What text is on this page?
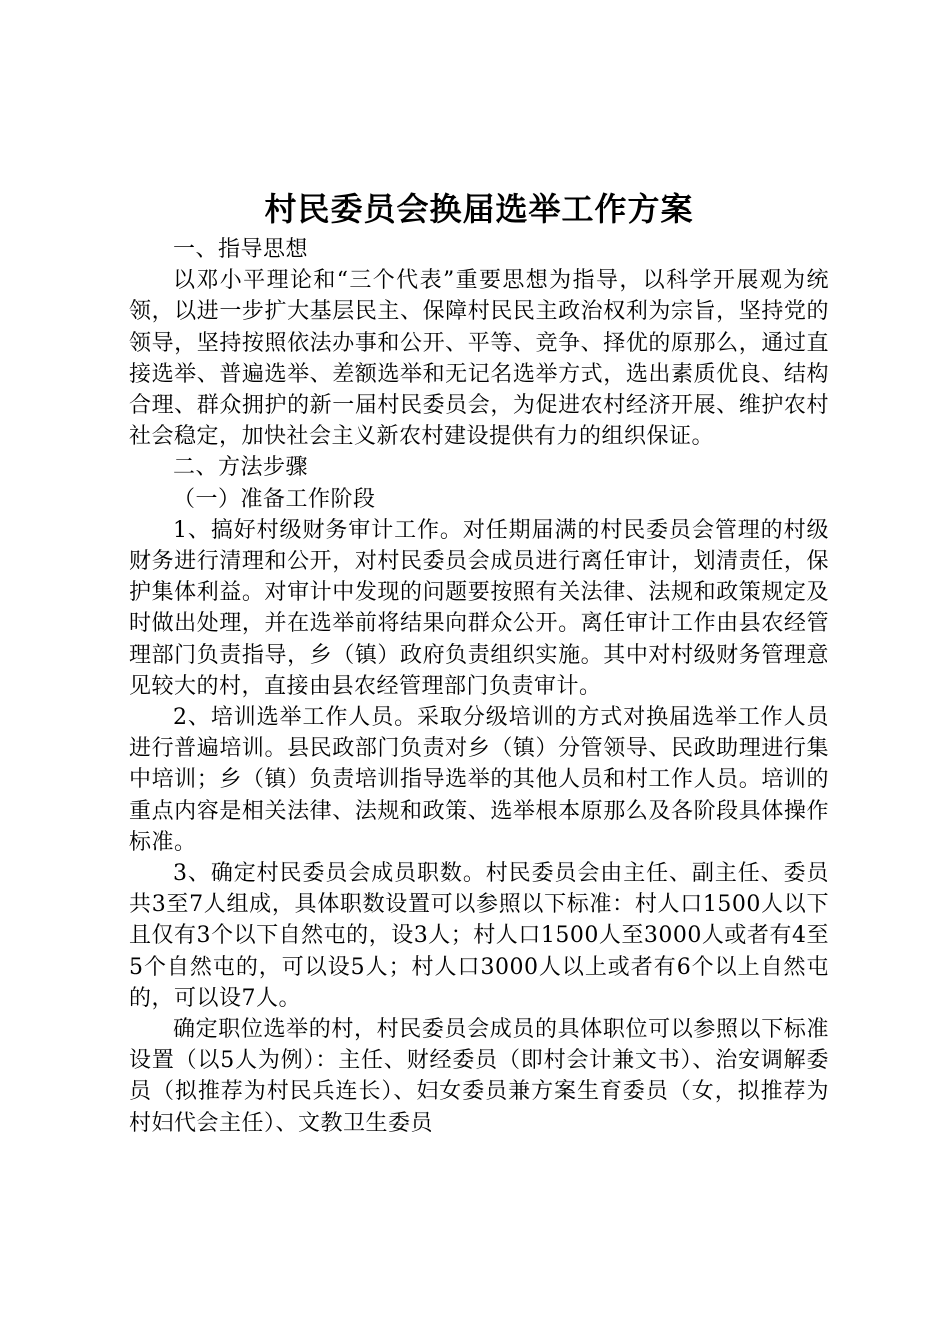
村民委员会换届选举工作方案

一、指导思想

以邓小平理论和“三个代表”重要思想为指导，以科学开展观为统领，以进一步扩大基层民主、保障村民民主政治权利为宗旨，坚持党的领导，坚持按照依法办事和公开、平等、竞争、择优的原那么，通过直接选举、普遍选举、差额选举和无记名选举方式，选出素质优良、结构合理、群众拥护的新一届村民委员会，为促进农村经济开展、维护农村社会稳定，加快社会主义新农村建设提供有力的组织保证。

二、方法步骤

（一）准备工作阶段

1、搞好村级财务审计工作。对任期届满的村民委员会管理的村级财务进行清理和公开，对村民委员会成员进行离任审计，划清责任，保护集体利益。对审计中发现的问题要按照有关法律、法规和政策规定及时做出处理，并在选举前将结果向群众公开。离任审计工作由县农经管理部门负责指导，乡（镇）政府负责组织实施。其中对村级财务管理意见较大的村，直接由县农经管理部门负责审计。

2、培训选举工作人员。采取分级培训的方式对换届选举工作人员进行普遍培训。县民政部门负责对乡（镇）分管领导、民政助理进行集中培训；乡（镇）负责培训指导选举的其他人员和村工作人员。培训的重点内容是相关法律、法规和政策、选举根本原那么及各阶段具体操作标准。

3、确定村民委员会成员职数。村民委员会由主任、副主任、委员共3至7人组成，具体职数设置可以参照以下标准：村人口1500人以下且仅有3个以下自然屯的，设3人；村人口1500人至3000人或者有4至5个自然屯的，可以设5人；村人口3000人以上或者有6个以上自然屯的，可以设7人。

确定职位选举的村，村民委员会成员的具体职位可以参照以下标准设置（以5人为例）：主任、财经委员（即村会计兼文书）、治安调解委员（拟推荐为村民兵连长）、妇女委员兼方案生育委员（女，拟推荐为村妇代会主任）、文教卫生委员
